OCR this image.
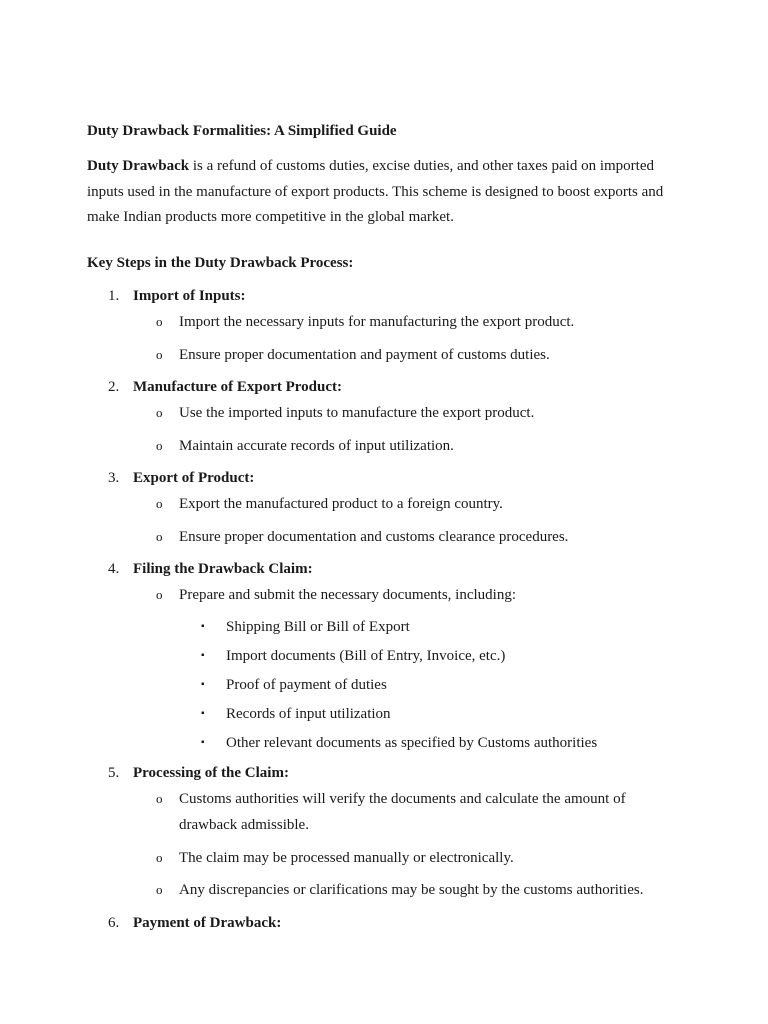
Duty Drawback Formalities: A Simplified Guide

Duty Drawback is a refund of customs duties, excise duties, and other taxes paid on imported inputs used in the manufacture of export products. This scheme is designed to boost exports and make Indian products more competitive in the global market.

Key Steps in the Duty Drawback Process:

1. Import of Inputs:

o Import the necessary inputs for manufacturing the export product.

o Ensure proper documentation and payment of customs duties.

2. Manufacture of Export Product:

o Use the imported inputs to manufacture the export product.

o Maintain accurate records of input utilization.

3. Export of Product:

o Export the manufactured product to a foreign country.

o Ensure proper documentation and customs clearance procedures.

4. Filing the Drawback Claim:

o Prepare and submit the necessary documents, including:

▪ Shipping Bill or Bill of Export

▪ Import documents (Bill of Entry, Invoice, etc.)

▪ Proof of payment of duties

▪ Records of input utilization

▪ Other relevant documents as specified by Customs authorities

5. Processing of the Claim:

o Customs authorities will verify the documents and calculate the amount of drawback admissible.

o The claim may be processed manually or electronically.

o Any discrepancies or clarifications may be sought by the customs authorities.

6. Payment of Drawback:
